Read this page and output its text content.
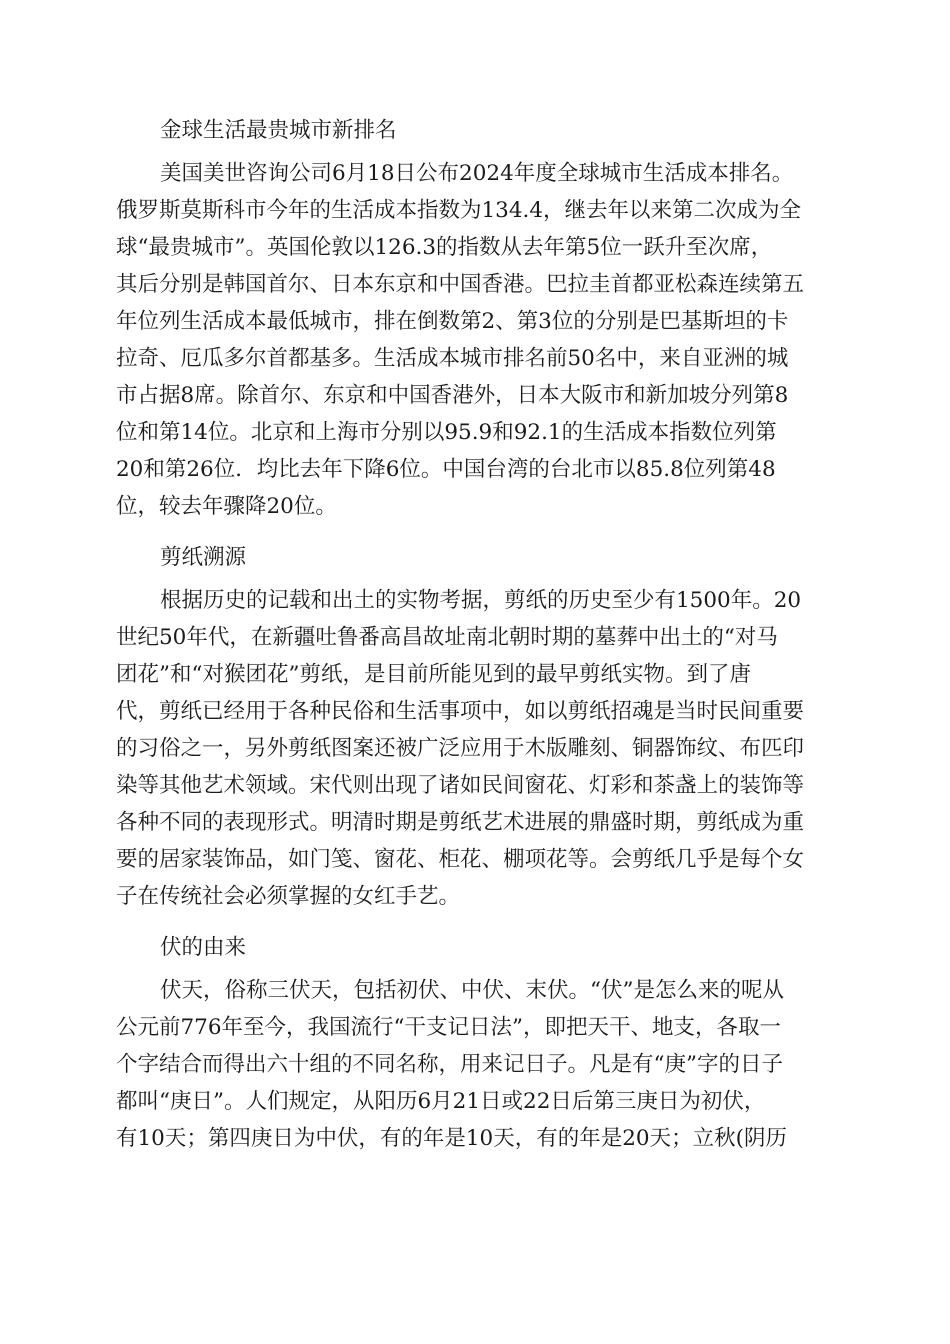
金球生活最贵城市新排名
美国美世咨询公司6月18日公布2024年度全球城市生活成本排名。
俄罗斯莫斯科市今年的生活成本指数为134.4，继去年以来第二次成为全
球“最贵城市”。英国伦敦以126.3的指数从去年第5位一跃升至次席，
其后分别是韩国首尔、日本东京和中国香港。巴拉圭首都亚松森连续第五
年位列生活成本最低城市，排在倒数第2、第3位的分别是巴基斯坦的卡
拉奇、厄瓜多尔首都基多。生活成本城市排名前50名中，来自亚洲的城
市占据8席。除首尔、东京和中国香港外，日本大阪市和新加坡分列第8
位和第14位。北京和上海市分别以95.9和92.1的生活成本指数位列第
20和第26位．均比去年下降6位。中国台湾的台北市以85.8位列第48
位，较去年骤降20位。
剪纸溯源
根据历史的记载和出土的实物考据，剪纸的历史至少有1500年。20
世纪50年代，在新疆吐鲁番高昌故址南北朝时期的墓葬中出土的“对马
团花”和“对猴团花”剪纸，是目前所能见到的最早剪纸实物。到了唐
代，剪纸已经用于各种民俗和生活事项中，如以剪纸招魂是当时民间重要
的习俗之一，另外剪纸图案还被广泛应用于木版雕刻、铜器饰纹、布匹印
染等其他艺术领域。宋代则出现了诸如民间窗花、灯彩和茶盏上的装饰等
各种不同的表现形式。明清时期是剪纸艺术进展的鼎盛时期，剪纸成为重
要的居家装饰品，如门笺、窗花、柜花、棚项花等。会剪纸几乎是每个女
子在传统社会必须掌握的女红手艺。
伏的由来
伏天，俗称三伏天，包括初伏、中伏、末伏。“伏”是怎么来的呢从
公元前776年至今，我国流行“干支记日法”，即把天干、地支，各取一
个字结合而得出六十组的不同名称，用来记日子。凡是有“庚”字的日子
都叫“庚日”。人们规定，从阳历6月21日或22日后第三庚日为初伏，
有10天；第四庚日为中伏，有的年是10天，有的年是20天；立秋(阴历
